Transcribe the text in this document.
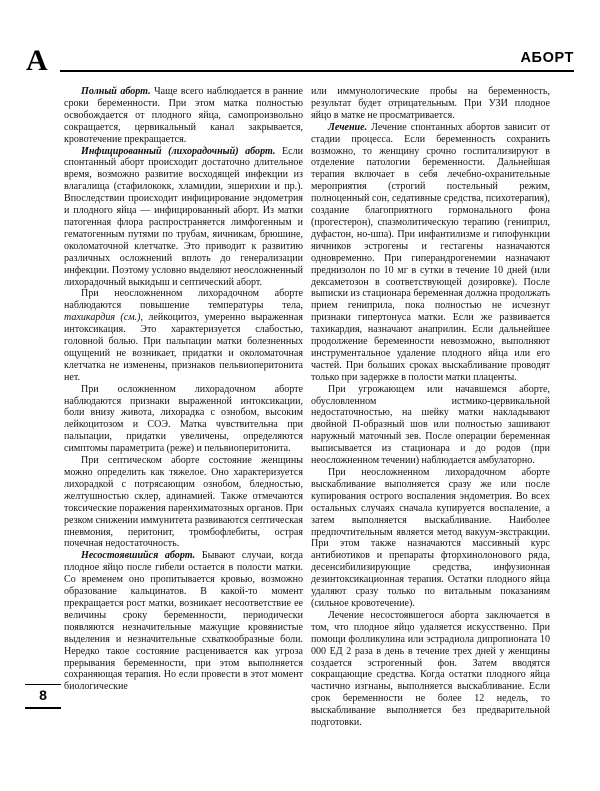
А	АБОРТ
8

Полный аборт. Чаще всего наблюдается в ранние сроки беременности. При этом матка полностью освобождается от плодного яйца, самопроизвольно сокращается, цервикальный канал закрывается, кровотечение прекращается.

Инфицированный (лихорадочный) аборт. Если спонтанный аборт происходит достаточно длительное время, возможно развитие восходящей инфекции из влагалища (стафилококк, хламидии, эшерихии и пр.). Впоследствии происходит инфицирование эндометрия и плодного яйца — инфицированный аборт. Из матки патогенная флора распространяется лимфогенным и гематогенным путями по трубам, яичникам, брюшине, околоматочной клетчатке. Это приводит к развитию различных осложнений вплоть до генерализации инфекции. Поэтому условно выделяют неосложненный лихорадочный выкидыш и септический аборт.

При неосложненном лихорадочном аборте наблюдаются повышение температуры тела, тахикардия (см.), лейкоцитоз, умеренно выраженная интоксикация. Это характеризуется слабостью, головной болью. При пальпации матки болезненных ощущений не возникает, придатки и околоматочная клетчатка не изменены, признаков пельвиоперитонита нет.

При осложненном лихорадочном аборте наблюдаются признаки выраженной интоксикации, боли внизу живота, лихорадка с ознобом, высоким лейкоцитозом и СОЭ. Матка чувствительна при пальпации, придатки увеличены, определяются симптомы параметрита (реже) и пельвиоперитонита.

При септическом аборте состояние женщины можно определить как тяжелое. Оно характеризуется лихорадкой с потрясающим ознобом, бледностью, желтушностью склер, адинамией. Также отмечаются токсические поражения паренхиматозных органов. При резком снижении иммунитета развиваются септическая пневмония, перитонит, тромбофлебиты, острая почечная недостаточность.

Несостоявшийся аборт. Бывают случаи, когда плодное яйцо после гибели остается в полости матки. Со временем оно пропитывается кровью, возможно образование кальцинатов. В какой-то момент прекращается рост матки, возникает несоответствие ее величины сроку беременности, периодически появляются незначительные мажущие кровянистые выделения и незначительные схваткообразные боли. Нередко такое состояние расценивается как угроза прерывания беременности, при этом выполняется сохраняющая терапия. Но если провести в этот момент биологические

или иммунологические пробы на беременность, результат будет отрицательным. При УЗИ плодное яйцо в матке не просматривается.

Лечение. Лечение спонтанных абортов зависит от стадии процесса. Если беременность сохранить возможно, то женщину срочно госпитализируют в отделение патологии беременности. Дальнейшая терапия включает в себя лечебно-охранительные мероприятия (строгий постельный режим, полноценный сон, седативные средства, психотерапия), создание благоприятного гормонального фона (прогестерон), спазмолитическую терапию (гениприл, дуфастон, но-шпа). При инфантилизме и гипофункции яичников эстрогены и гестагены назначаются одновременно. При гиперандрогенемии назначают преднизолон по 10 мг в сутки в течение 10 дней (или дексаметозон в соответствующей дозировке). После выписки из стационара беременная должна продолжать прием гениприла, пока полностью не исчезнут признаки гипертонуса матки. Если же развивается тахикардия, назначают анаприлин. Если дальнейшее продолжение беременности невозможно, выполняют инструментальное удаление плодного яйца или его частей. При больших сроках выскабливание проводят только при задержке в полости матки плаценты.

При угрожающем или начавшемся аборте, обусловленном истмико-цервикальной недостаточностью, на шейку матки накладывают двойной П-образный шов или полностью зашивают наружный маточный зев. После операции беременная выписывается из стационара и до родов (при неосложненном течении) наблюдается амбулаторно.

При неосложненном лихорадочном аборте выскабливание выполняется сразу же или после купирования острого воспаления эндометрия. Во всех остальных случаях сначала купируется воспаление, а затем выполняется выскабливание. Наиболее предпочтительным является метод вакуум-экстракции. При этом также назначаются массивный курс антибиотиков и препараты фторхинолонового ряда, десенсибилизирующие средства, инфузионная дезинтоксикационная терапия. Остатки плодного яйца удаляют сразу только по витальным показаниям (сильное кровотечение).

Лечение несостоявшегося аборта заключается в том, что плодное яйцо удаляется искусственно. При помощи фолликулина или эстрадиола дипропионата 10 000 ЕД 2 раза в день в течение трех дней у женщины создается эстрогенный фон. Затем вводятся сокращающие средства. Когда остатки плодного яйца частично изгнаны, выполняется выскабливание. Если срок беременности не более 12 недель, то выскабливание выполняется без предварительной подготовки.
